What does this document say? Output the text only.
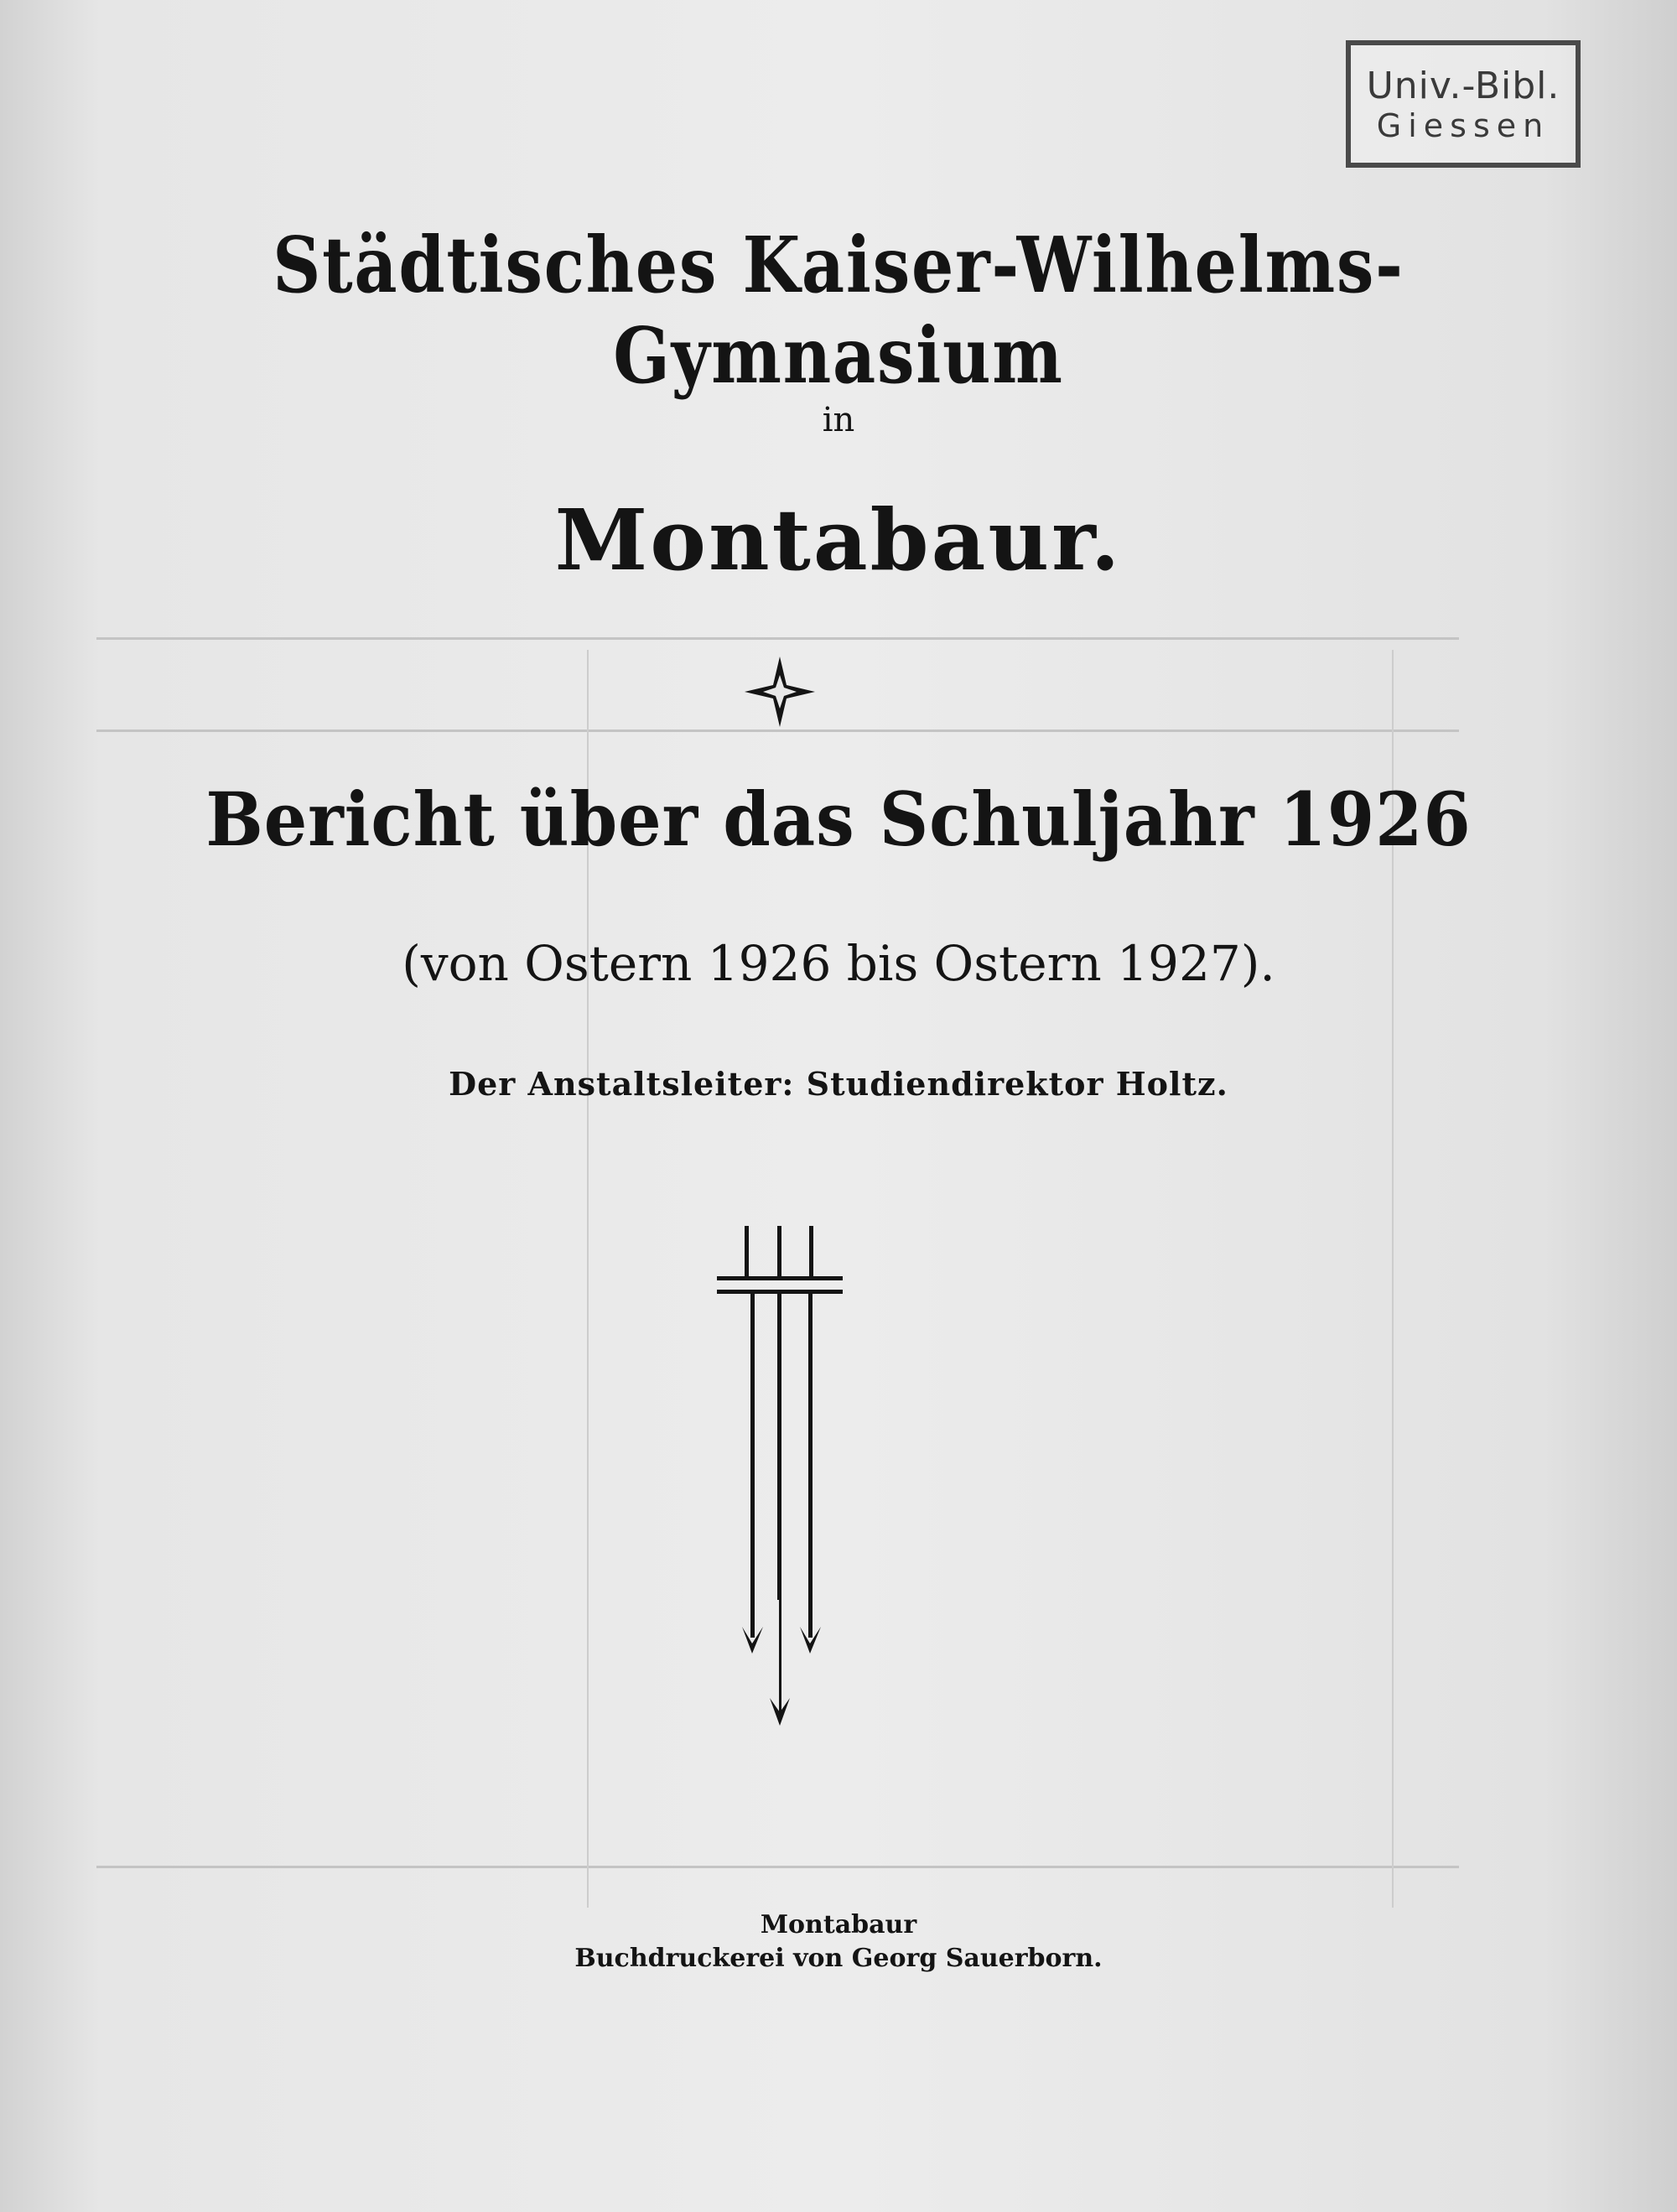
Univ.-Bibl.
Giessen
Städtisches Kaiser-Wilhelms-Gymnasium
in
Montabaur.
Bericht über das Schuljahr 1926
(von Ostern 1926 bis Ostern 1927).
Der Anstaltsleiter: Studiendirektor Holtz.
Montabaur
Buchdruckerei von Georg Sauerborn.
